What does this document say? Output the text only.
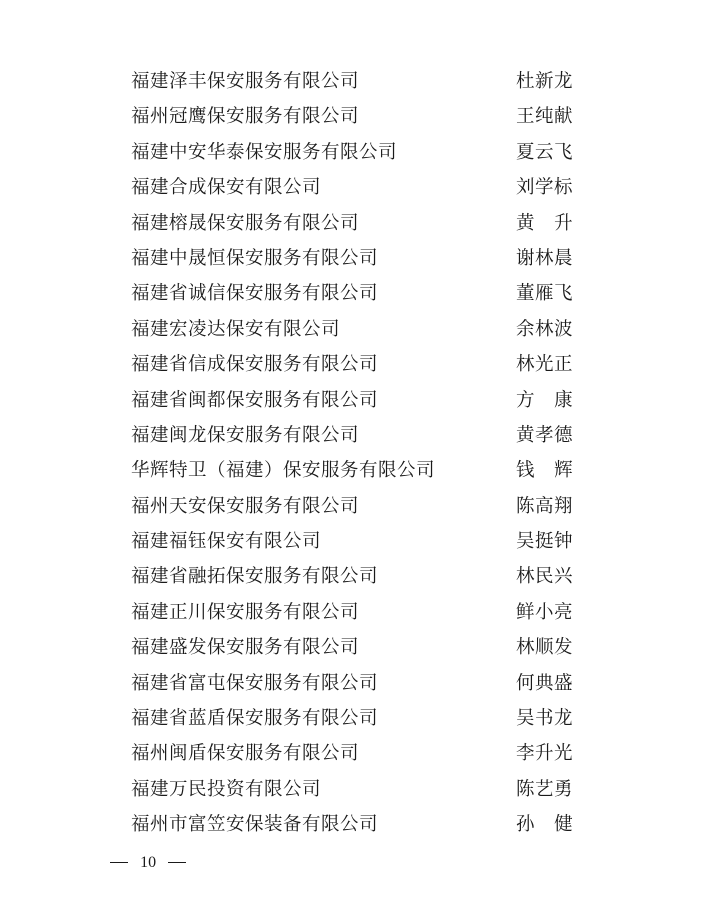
福建泽丰保安服务有限公司	杜新龙
福州冠鹰保安服务有限公司	王纯献
福建中安华泰保安服务有限公司	夏云飞
福建合成保安有限公司	刘学标
福建榕晟保安服务有限公司	黄   升
福建中晟恒保安服务有限公司	谢林晨
福建省诚信保安服务有限公司	董雁飞
福建宏凌达保安有限公司	余林波
福建省信成保安服务有限公司	林光正
福建省闽都保安服务有限公司	方   康
福建闽龙保安服务有限公司	黄孝德
华辉特卫（福建）保安服务有限公司	钱   辉
福州天安保安服务有限公司	陈高翔
福建福钰保安有限公司	吴挺钟
福建省融拓保安服务有限公司	林民兴
福建正川保安服务有限公司	鲜小亮
福建盛发保安服务有限公司	林顺发
福建省富屯保安服务有限公司	何典盛
福建省蓝盾保安服务有限公司	吴书龙
福州闽盾保安服务有限公司	李升光
福建万民投资有限公司	陈艺勇
福州市富笠安保装备有限公司	孙   健
10
